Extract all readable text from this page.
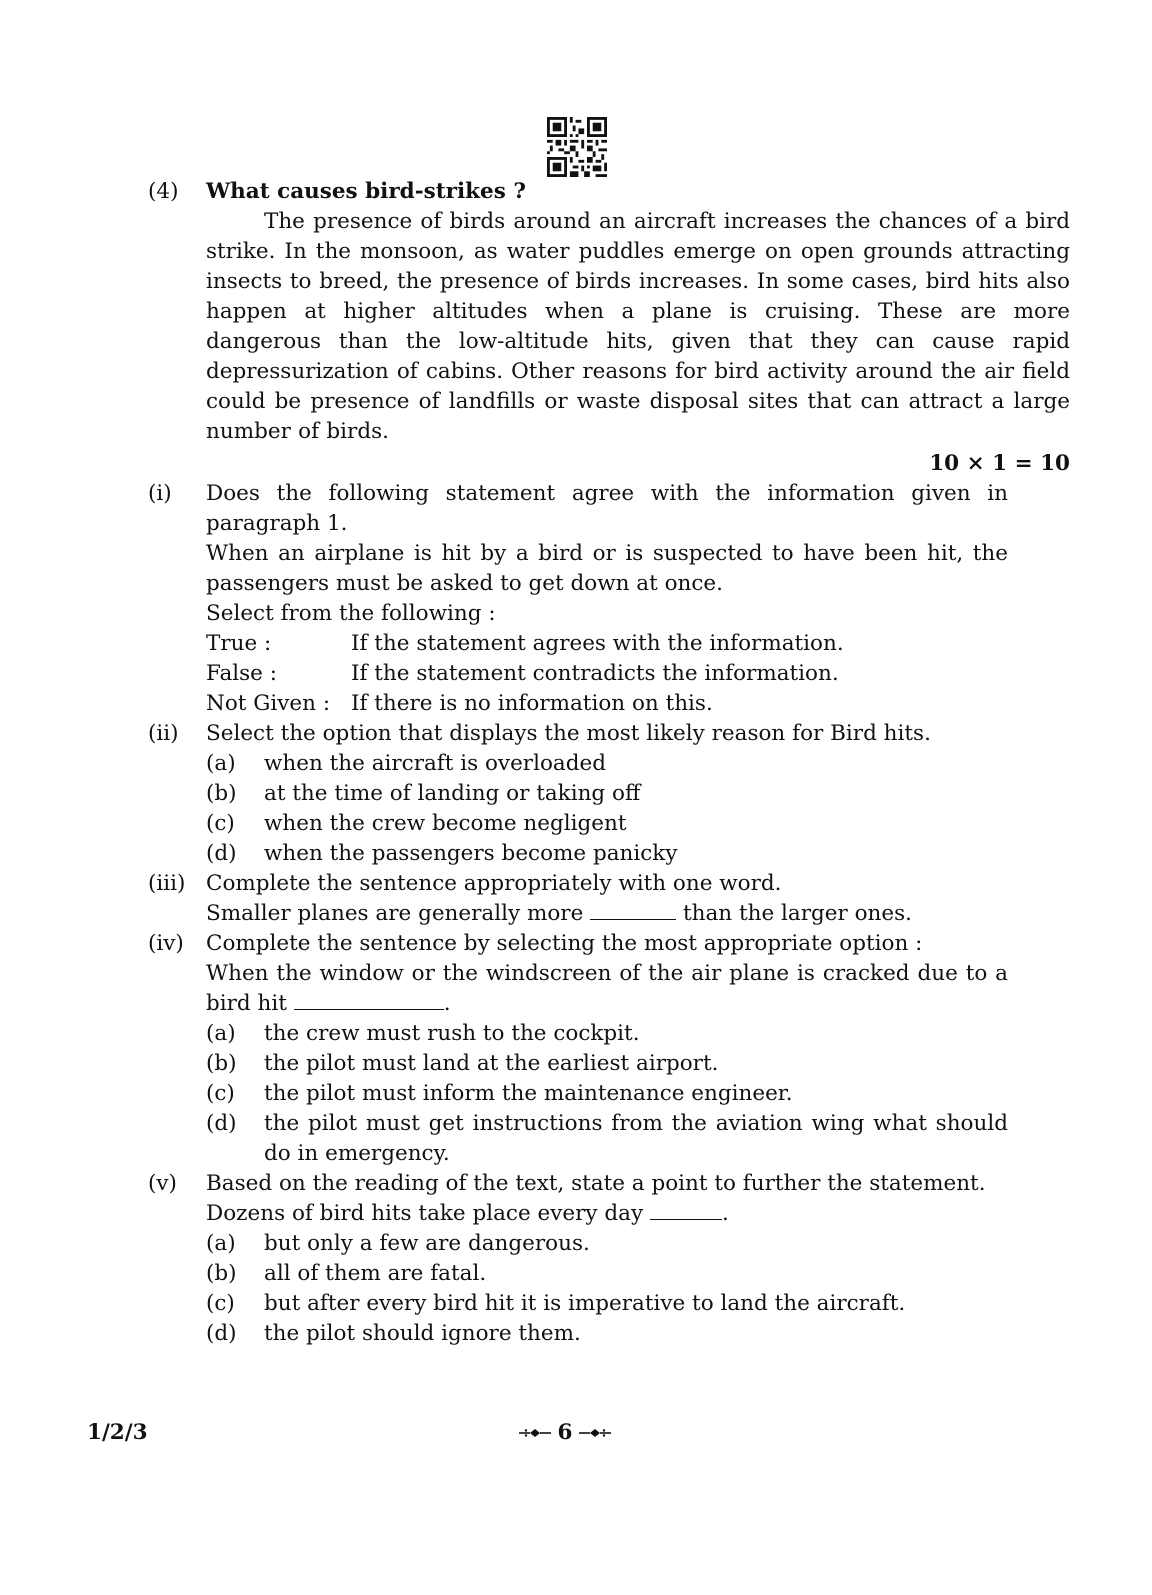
(4)	What causes bird-strikes ?
The presence of birds around an aircraft increases the chances of a bird strike. In the monsoon, as water puddles emerge on open grounds attracting insects to breed, the presence of birds increases. In some cases, bird hits also happen at higher altitudes when a plane is cruising. These are more dangerous than the low-altitude hits, given that they can cause rapid depressurization of cabins. Other reasons for bird activity around the air field could be presence of landfills or waste disposal sites that can attract a large number of birds.
10 × 1 = 10
(i)	Does the following statement agree with the information given in paragraph 1.
When an airplane is hit by a bird or is suspected to have been hit, the passengers must be asked to get down at once.
Select from the following :
True :	If the statement agrees with the information.
False :	If the statement contradicts the information.
Not Given : If there is no information on this.
(ii)	Select the option that displays the most likely reason for Bird hits.
(a)	when the aircraft is overloaded
(b)	at the time of landing or taking off
(c)	when the crew become negligent
(d)	when the passengers become panicky
(iii) Complete the sentence appropriately with one word.
Smaller planes are generally more	than the larger ones.
(iv)	Complete the sentence by selecting the most appropriate option :
When the window or the windscreen of the air plane is cracked due to a bird hit	.
(a)	the crew must rush to the cockpit.
(b)	the pilot must land at the earliest airport.
(c)	the pilot must inform the maintenance engineer.
(d)	the pilot must get instructions from the aviation wing what should do in emergency.
(v)	Based on the reading of the text, state a point to further the statement.
Dozens of bird hits take place every day	.
(a)	but only a few are dangerous.
(b)	all of them are fatal.
(c)	but after every bird hit it is imperative to land the aircraft.
(d)	the pilot should ignore them.
1/2/3	6
